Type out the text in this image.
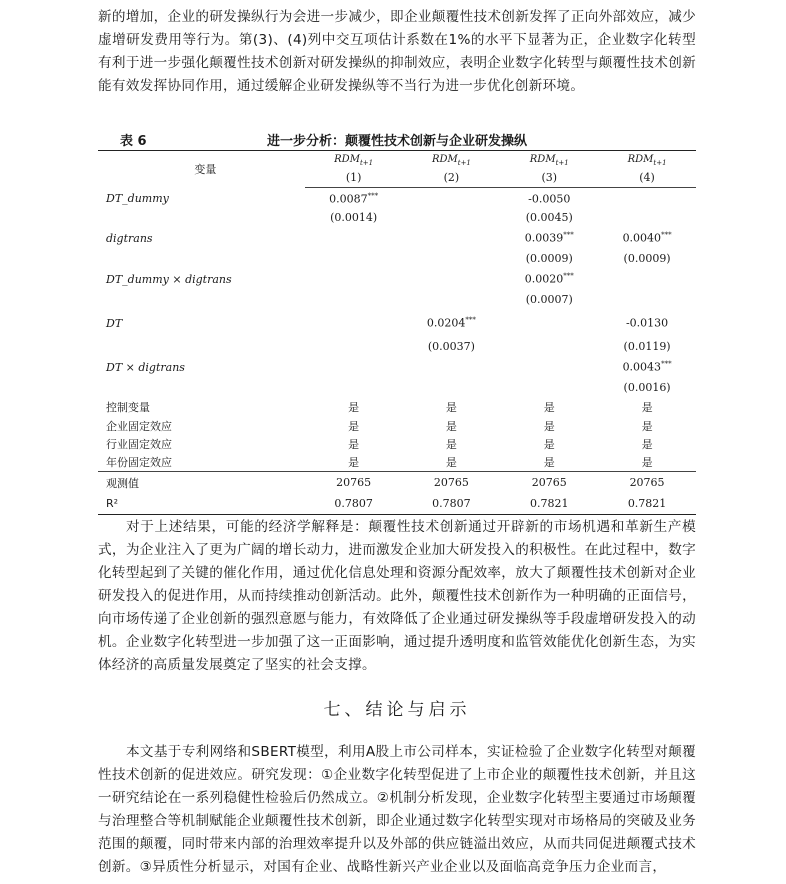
新的增加，企业的研发操纵行为会进一步减少，即企业颠覆性技术创新发挥了正向外部效应，减少虚增研发费用等行为。第(3)、(4)列中交互项估计系数在1%的水平下显著为正，企业数字化转型有利于进一步强化颠覆性技术创新对研发操纵的抑制效应，表明企业数字化转型与颠覆性技术创新能有效发挥协同作用，通过缓解企业研发操纵等不当行为进一步优化创新环境。
表 6	进一步分析：颠覆性技术创新与企业研发操纵
变量	$RDM_{t+1}$	$RDM_{t+1}$	$RDM_{t+1}$	$RDM_{t+1}$
	(1)	(2)	(3)	(4)
DT_dummy	0.0087***		-0.0050	
	(0.0014)		(0.0045)	
digtrans			0.0039***	0.0040***
			(0.0009)	(0.0009)
DT_dummy × digtrans			0.0020***	
			(0.0007)	
DT		0.0204***		-0.0130
		(0.0037)		(0.0119)
DT × digtrans				0.0043***
				(0.0016)
控制变量	是	是	是	是
企业固定效应	是	是	是	是
行业固定效应	是	是	是	是
年份固定效应	是	是	是	是
观测值	20765	20765	20765	20765
R²	0.7807	0.7807	0.7821	0.7821
对于上述结果，可能的经济学解释是：颠覆性技术创新通过开辟新的市场机遇和革新生产模式，为企业注入了更为广阔的增长动力，进而激发企业加大研发投入的积极性。在此过程中，数字化转型起到了关键的催化作用，通过优化信息处理和资源分配效率，放大了颠覆性技术创新对企业研发投入的促进作用，从而持续推动创新活动。此外，颠覆性技术创新作为一种明确的正面信号，向市场传递了企业创新的强烈意愿与能力，有效降低了企业通过研发操纵等手段虚增研发投入的动机。企业数字化转型进一步加强了这一正面影响，通过提升透明度和监管效能优化创新生态，为实体经济的高质量发展奠定了坚实的社会支撑。
七、结论与启示
本文基于专利网络和SBERT模型，利用A股上市公司样本，实证检验了企业数字化转型对颠覆性技术创新的促进效应。研究发现：①企业数字化转型促进了上市企业的颠覆性技术创新，并且这一研究结论在一系列稳健性检验后仍然成立。②机制分析发现，企业数字化转型主要通过市场颠覆与治理整合等机制赋能企业颠覆性技术创新，即企业通过数字化转型实现对市场格局的突破及业务范围的颠覆，同时带来内部的治理效率提升以及外部的供应链溢出效应，从而共同促进颠覆式技术创新。③异质性分析显示，对国有企业、战略性新兴产业企业以及面临高竞争压力企业而言，
